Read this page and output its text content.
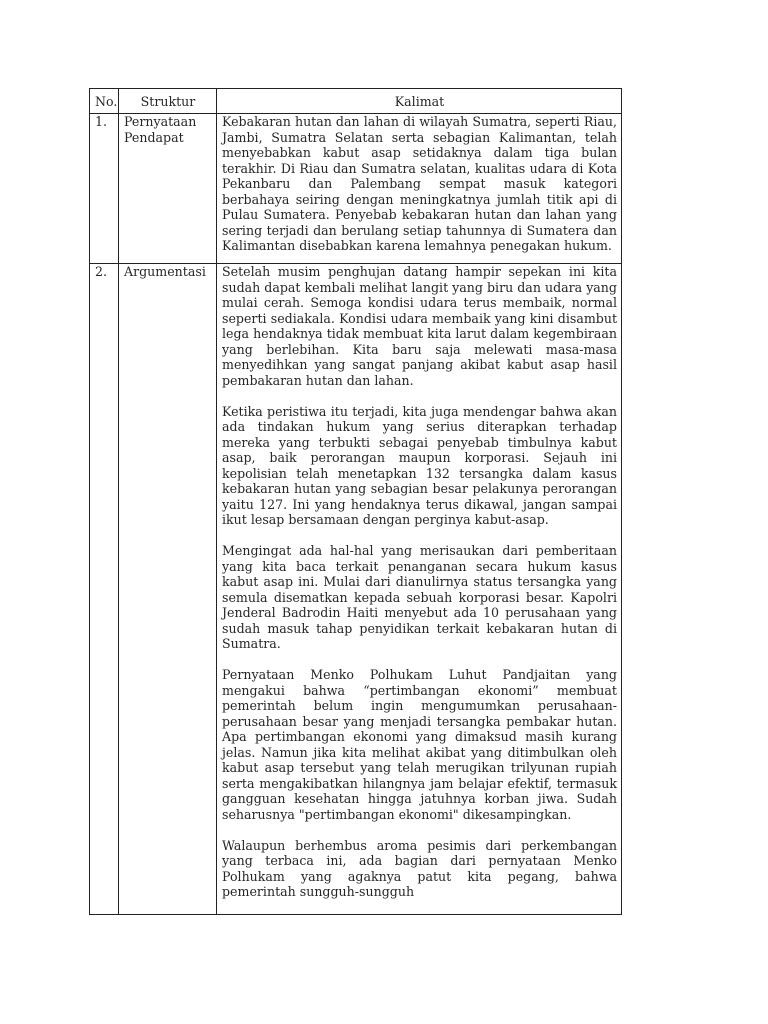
No.	Struktur	Kalimat
1.	Pernyataan Pendapat	Kebakaran hutan dan lahan di wilayah Sumatra, seperti Riau, Jambi, Sumatra Selatan serta sebagian Kalimantan, telah menyebabkan kabut asap setidaknya dalam tiga bulan terakhir. Di Riau dan Sumatra selatan, kualitas udara di Kota Pekanbaru dan Palembang sempat masuk kategori berbahaya seiring dengan meningkatnya jumlah titik api di Pulau Sumatera. Penyebab kebakaran hutan dan lahan yang sering terjadi dan berulang setiap tahunnya di Sumatera dan Kalimantan disebabkan karena lemahnya penegakan hukum.

2.	Argumentasi	Setelah musim penghujan datang hampir sepekan ini kita sudah dapat kembali melihat langit yang biru dan udara yang mulai cerah. Semoga kondisi udara terus membaik, normal seperti sediakala. Kondisi udara membaik yang kini disambut lega hendaknya tidak membuat kita larut dalam kegembiraan yang berlebihan. Kita baru saja melewati masa-masa menyedihkan yang sangat panjang akibat kabut asap hasil pembakaran hutan dan lahan.

Ketika peristiwa itu terjadi, kita juga mendengar bahwa akan ada tindakan hukum yang serius diterapkan terhadap mereka yang terbukti sebagai penyebab timbulnya kabut asap, baik perorangan maupun korporasi. Sejauh ini kepolisian telah menetapkan 132 tersangka dalam kasus kebakaran hutan yang sebagian besar pelakunya perorangan yaitu 127. Ini yang hendaknya terus dikawal, jangan sampai ikut lesap bersamaan dengan perginya kabut-asap.

Mengingat ada hal-hal yang merisaukan dari pemberitaan yang kita baca terkait penanganan secara hukum kasus kabut asap ini. Mulai dari dianulirnya status tersangka yang semula disematkan kepada sebuah korporasi besar. Kapolri Jenderal Badrodin Haiti menyebut ada 10 perusahaan yang sudah masuk tahap penyidikan terkait kebakaran hutan di Sumatra.

Pernyataan Menko Polhukam Luhut Pandjaitan yang mengakui bahwa “pertimbangan ekonomi” membuat pemerintah belum ingin mengumumkan perusahaan-perusahaan besar yang menjadi tersangka pembakar hutan. Apa pertimbangan ekonomi yang dimaksud masih kurang jelas. Namun jika kita melihat akibat yang ditimbulkan oleh kabut asap tersebut yang telah merugikan trilyunan rupiah serta mengakibatkan hilangnya jam belajar efektif, termasuk gangguan kesehatan hingga jatuhnya korban jiwa. Sudah seharusnya "pertimbangan ekonomi" dikesampingkan.

Walaupun berhembus aroma pesimis dari perkembangan yang terbaca ini, ada bagian dari pernyataan Menko Polhukam yang agaknya patut kita pegang, bahwa pemerintah sungguh-sungguh
